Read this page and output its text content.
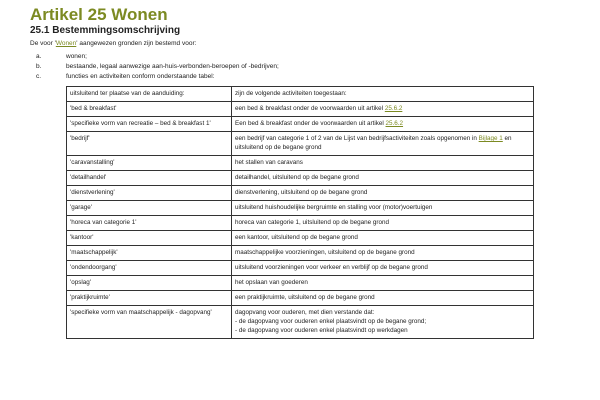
Artikel 25 Wonen
25.1 Bestemmingsomschrijving
De voor 'Wonen' aangewezen gronden zijn bestemd voor:
a.	wonen;
b.	bestaande, legaal aanwezige aan-huis-verbonden-beroepen of -bedrijven;
c.	functies en activiteiten conform onderstaande tabel:
uitsluitend ter plaatse van de aanduiding:	zijn de volgende activiteiten toegestaan:
'bed & breakfast'	een bed & breakfast onder de voorwaarden uit artikel 25.6.2
'specifieke vorm van recreatie – bed & breakfast 1'	Een bed & breakfast onder de voorwaarden uit artikel 25.6.2
'bedrijf'	een bedrijf van categorie 1 of 2 van de Lijst van bedrijfsactiviteiten zoals opgenomen in Bijlage 1 en uitsluitend op de begane grond
'caravanstalling'	het stallen van caravans
'detailhandel'	detailhandel, uitsluitend op de begane grond
'dienstverlening'	dienstverlening, uitsluitend op de begane grond
'garage'	uitsluitend huishoudelijke bergruimte en stalling voor (motor)voertuigen
'horeca van categorie 1'	horeca van categorie 1, uitsluitend op de begane grond
'kantoor'	een kantoor, uitsluitend op de begane grond
'maatschappelijk'	maatschappelijke voorzieningen, uitsluitend op de begane grond
'ondendoorgang'	uitsluitend voorzieningen voor verkeer en verblijf op de begane grond
'opslag'	het opslaan van goederen
'praktijkruimte'	een praktijkruimte, uitsluitend op de begane grond
'specifieke vorm van maatschappelijk - dagopvang'	dagopvang voor ouderen, met dien verstande dat:
- de dagopvang voor ouderen enkel plaatsvindt op de begane grond;
- de dagopvang voor ouderen enkel plaatsvindt op werkdagen
